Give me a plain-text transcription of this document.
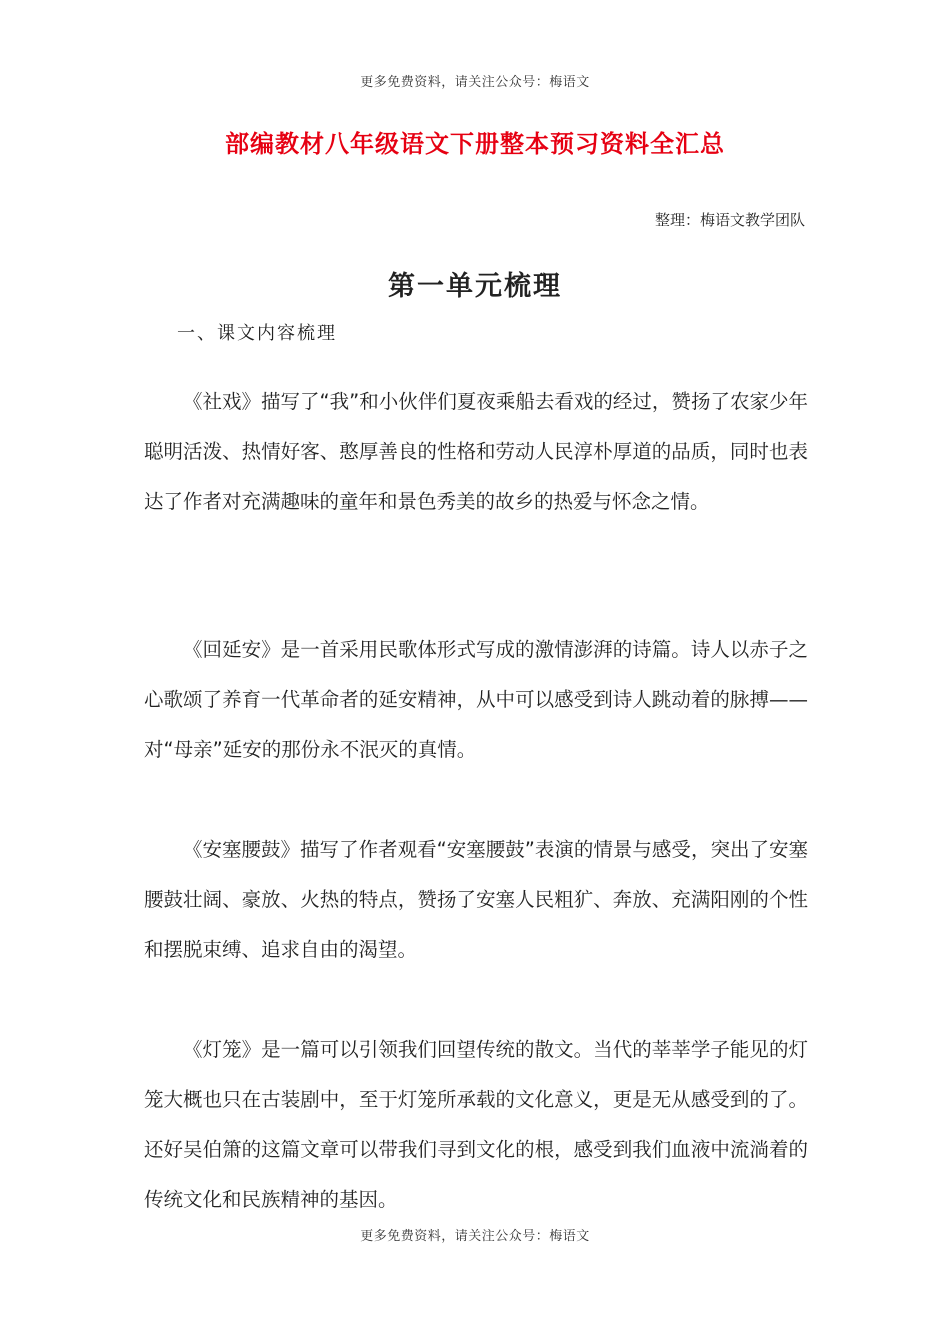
更多免费资料，请关注公众号：梅语文
部编教材八年级语文下册整本预习资料全汇总
整理：梅语文教学团队
第一单元梳理
一、课文内容梳理

《社戏》描写了“我”和小伙伴们夏夜乘船去看戏的经过，赞扬了农家少年聪明活泼、热情好客、憨厚善良的性格和劳动人民淳朴厚道的品质，同时也表达了作者对充满趣味的童年和景色秀美的故乡的热爱与怀念之情。

《回延安》是一首采用民歌体形式写成的激情澎湃的诗篇。诗人以赤子之心歌颂了养育一代革命者的延安精神，从中可以感受到诗人跳动着的脉搏——对“母亲”延安的那份永不泯灭的真情。

《安塞腰鼓》描写了作者观看“安塞腰鼓”表演的情景与感受，突出了安塞腰鼓壮阔、豪放、火热的特点，赞扬了安塞人民粗犷、奔放、充满阳刚的个性和摆脱束缚、追求自由的渴望。

《灯笼》是一篇可以引领我们回望传统的散文。当代的莘莘学子能见的灯笼大概也只在古装剧中，至于灯笼所承载的文化意义，更是无从感受到的了。还好吴伯箫的这篇文章可以带我们寻到文化的根，感受到我们血液中流淌着的传统文化和民族精神的基因。

更多免费资料，请关注公众号：梅语文
